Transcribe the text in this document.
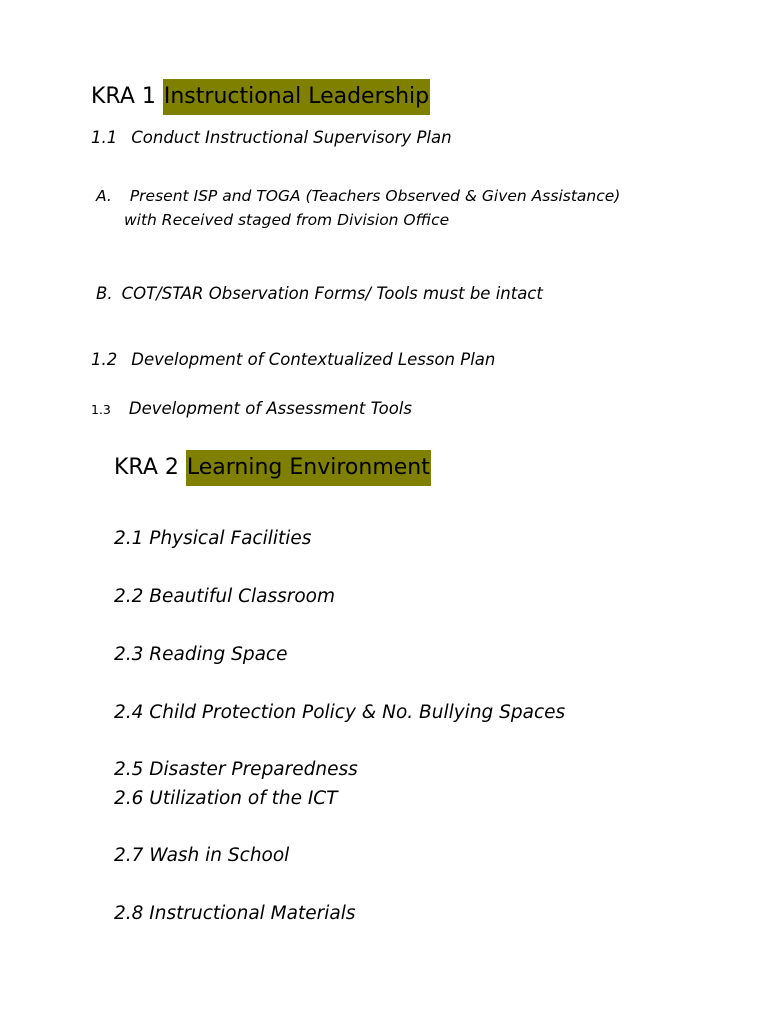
KRA 1 Instructional Leadership
1.1 Conduct Instructional Supervisory Plan
A. Present ISP and TOGA (Teachers Observed & Given Assistance)
with Received staged from Division Office
B. COT/STAR Observation Forms/ Tools must be intact
1.2 Development of Contextualized Lesson Plan
1.3 Development of Assessment Tools
KRA 2 Learning Environment
2.1 Physical Facilities
2.2 Beautiful Classroom
2.3 Reading Space
2.4 Child Protection Policy & No. Bullying Spaces
2.5 Disaster Preparedness
2.6 Utilization of the ICT
2.7 Wash in School
2.8 Instructional Materials
